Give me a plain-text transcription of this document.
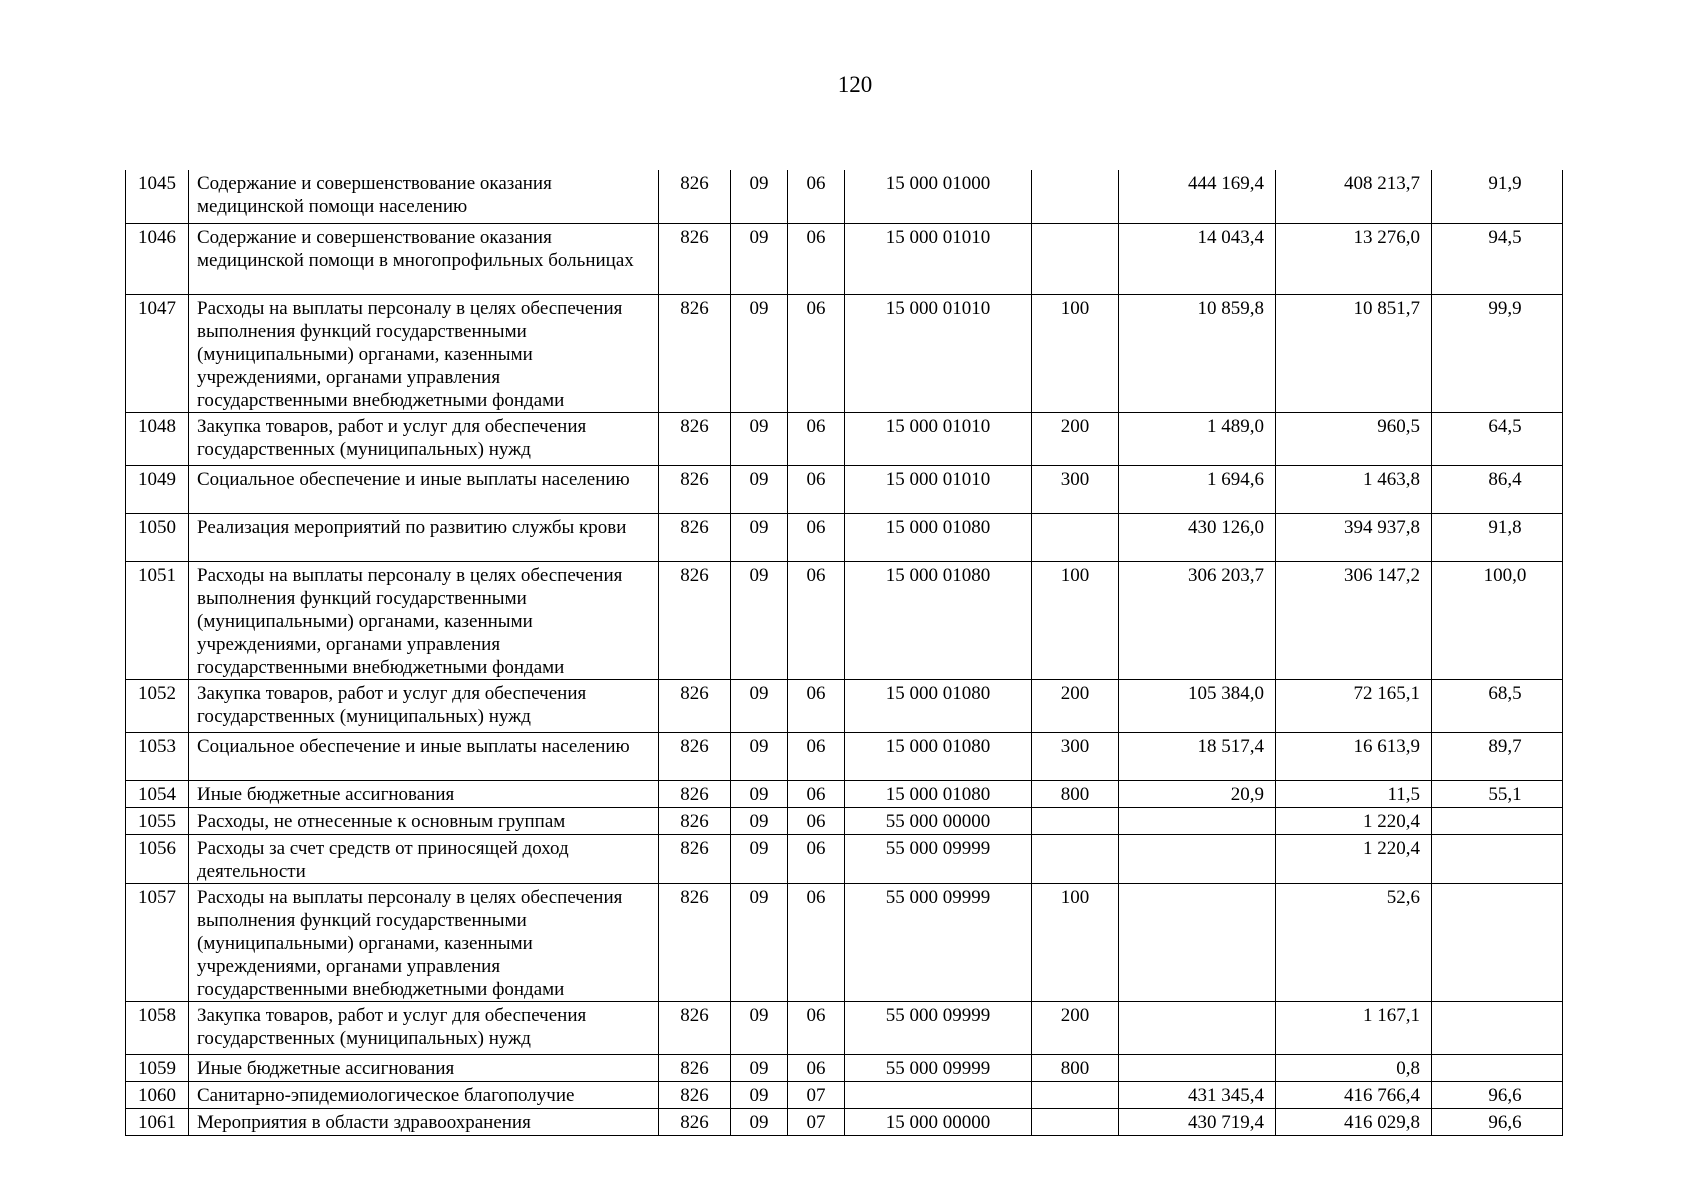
120
1045	Содержание и совершенствование оказания медицинской помощи населению	826	09	06	15 000 01000		444 169,4	408 213,7	91,9
1046	Содержание и совершенствование оказания медицинской помощи в многопрофильных больницах	826	09	06	15 000 01010		14 043,4	13 276,0	94,5
1047	Расходы на выплаты персоналу в целях обеспечения выполнения функций государственными (муниципальными) органами, казенными учреждениями, органами управления государственными внебюджетными фондами	826	09	06	15 000 01010	100	10 859,8	10 851,7	99,9
1048	Закупка товаров, работ и услуг для обеспечения государственных (муниципальных) нужд	826	09	06	15 000 01010	200	1 489,0	960,5	64,5
1049	Социальное обеспечение и иные выплаты населению	826	09	06	15 000 01010	300	1 694,6	1 463,8	86,4
1050	Реализация мероприятий по развитию службы крови	826	09	06	15 000 01080		430 126,0	394 937,8	91,8
1051	Расходы на выплаты персоналу в целях обеспечения выполнения функций государственными (муниципальными) органами, казенными учреждениями, органами управления государственными внебюджетными фондами	826	09	06	15 000 01080	100	306 203,7	306 147,2	100,0
1052	Закупка товаров, работ и услуг для обеспечения государственных (муниципальных) нужд	826	09	06	15 000 01080	200	105 384,0	72 165,1	68,5
1053	Социальное обеспечение и иные выплаты населению	826	09	06	15 000 01080	300	18 517,4	16 613,9	89,7
1054	Иные бюджетные ассигнования	826	09	06	15 000 01080	800	20,9	11,5	55,1
1055	Расходы, не отнесенные к основным группам	826	09	06	55 000 00000			1 220,4	
1056	Расходы за счет средств от приносящей доход деятельности	826	09	06	55 000 09999			1 220,4	
1057	Расходы на выплаты персоналу в целях обеспечения выполнения функций государственными (муниципальными) органами, казенными учреждениями, органами управления государственными внебюджетными фондами	826	09	06	55 000 09999	100		52,6	
1058	Закупка товаров, работ и услуг для обеспечения государственных (муниципальных) нужд	826	09	06	55 000 09999	200		1 167,1	
1059	Иные бюджетные ассигнования	826	09	06	55 000 09999	800		0,8	
1060	Санитарно-эпидемиологическое благополучие	826	09	07			431 345,4	416 766,4	96,6
1061	Мероприятия в области здравоохранения	826	09	07	15 000 00000		430 719,4	416 029,8	96,6
